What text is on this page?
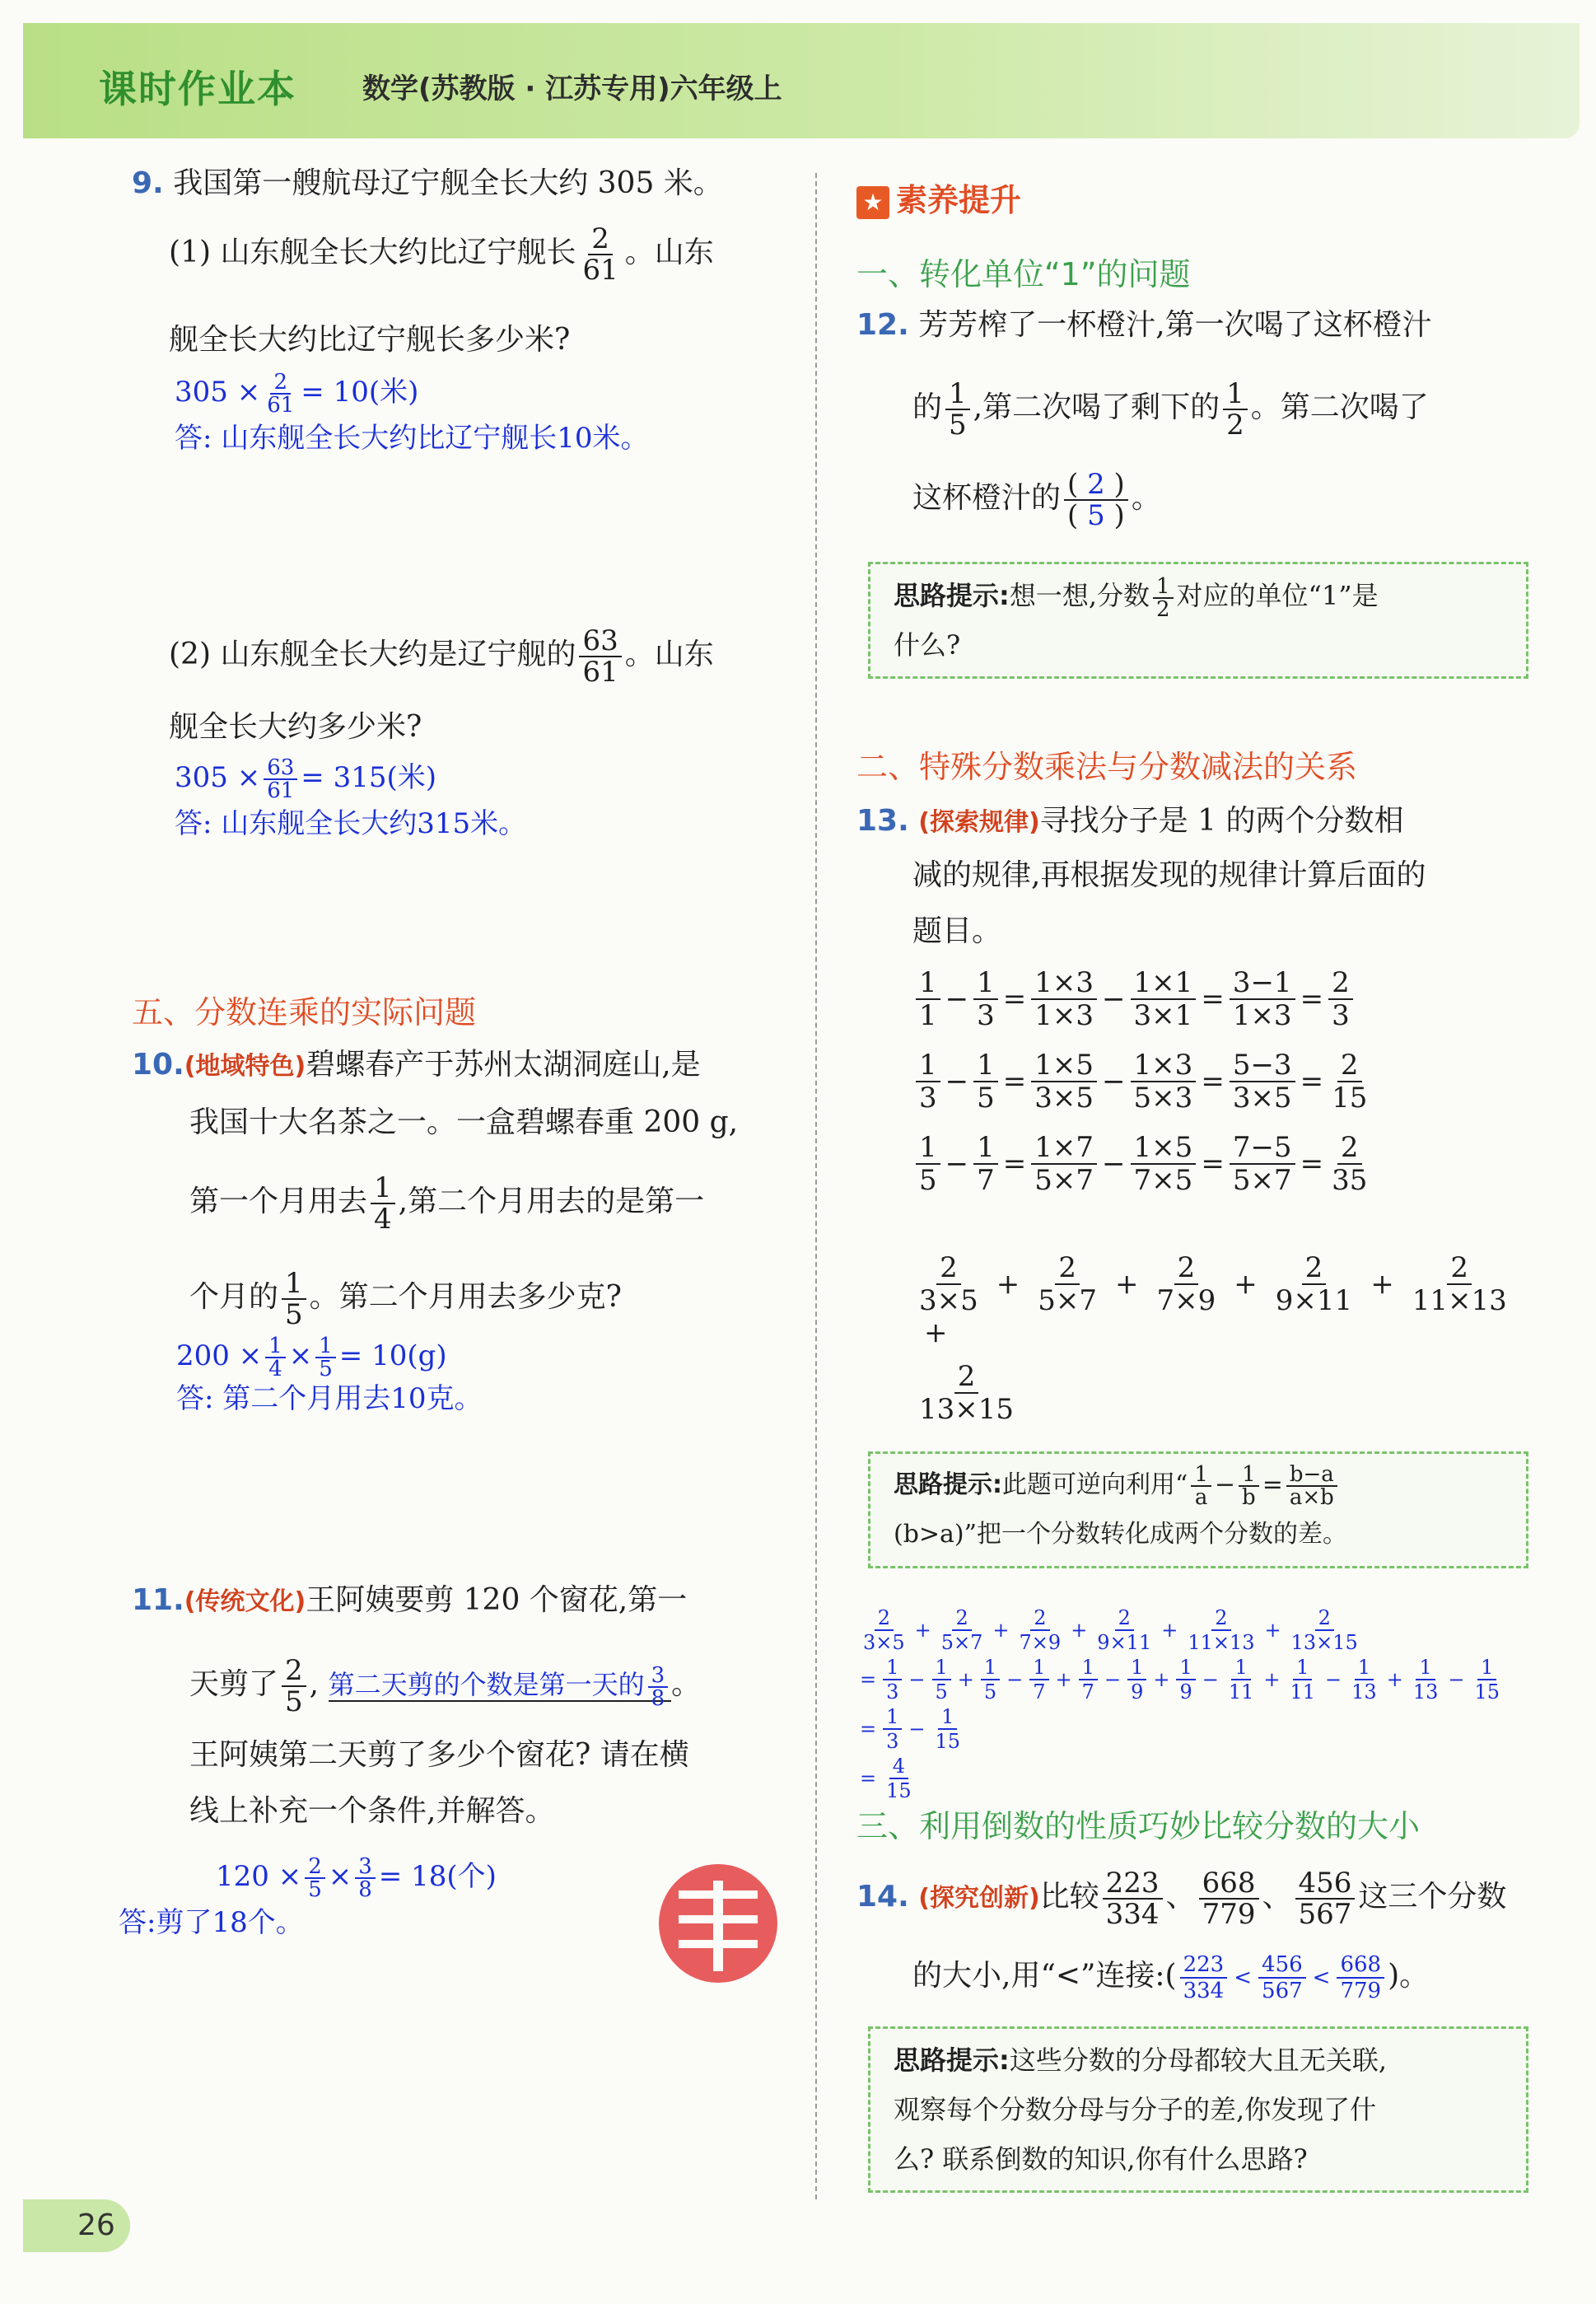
课时作业本 数学(苏教版 · 江苏专用)六年级上
9. 我国第一艘航母辽宁舰全长大约 305 米。
(1) 山东舰全长大约比辽宁舰长 $\frac{2}{61}$ 。山东
舰全长大约比辽宁舰长多少米?
$305 \times \frac{2}{61} = 10$(米)
答: 山东舰全长大约比辽宁舰长10米。
(2) 山东舰全长大约是辽宁舰的 $\frac{63}{61}$ 。山东
舰全长大约多少米?
$305 \times \frac{63}{61} = 315$(米)
答: 山东舰全长大约315米。
五、分数连乘的实际问题
10.(地域特色)碧螺春产于苏州太湖洞庭山,是
我国十大名茶之一。一盒碧螺春重 200 g,
第一个月用去 $\frac{1}{4}$ ,第二个月用去的是第一
个月的 $\frac{1}{5}$ 。第二个月用去多少克?
$200 \times \frac{1}{4} \times \frac{1}{5} = 10(g)$
答: 第二个月用去10克。
11.(传统文化)王阿姨要剪 120 个窗花,第一
天剪了 $\frac{2}{5}$ , 第二天剪的个数是第一天的 $\frac{3}{8}$ 。
王阿姨第二天剪了多少个窗花? 请在横
线上补充一个条件,并解答。
$120 \times \frac{2}{5} \times \frac{3}{8} = 18$(个)
答:剪了18个。
★ 素养提升
一、转化单位“1”的问题
12. 芳芳榨了一杯橙汁,第一次喝了这杯橙汁
的 $\frac{1}{5}$ ,第二次喝了剩下的 $\frac{1}{2}$ 。第二次喝了
这杯橙汁的 $\frac{( 2 )}{( 5 )}$ 。
思路提示:想一想,分数 $\frac{1}{2}$ 对应的单位“1”是
什么?
二、特殊分数乘法与分数减法的关系
13. (探索规律)寻找分子是 1 的两个分数相
减的规律,再根据发现的规律计算后面的
题目。
$\frac{1}{1} - \frac{1}{3} = \frac{1\times 3}{1\times 3} - \frac{1\times 1}{3\times 1} = \frac{3-1}{1\times 3} = \frac{2}{3}$
$\frac{1}{3} - \frac{1}{5} = \frac{1\times 5}{3\times 5} - \frac{1\times 3}{5\times 3} = \frac{5-3}{3\times 5} = \frac{2}{15}$
$\frac{1}{5} - \frac{1}{7} = \frac{1\times 7}{5\times 7} - \frac{1\times 5}{7\times 5} = \frac{7-5}{5\times 7} = \frac{2}{35}$
$\frac{2}{3\times 5} + \frac{2}{5\times 7} + \frac{2}{7\times 9} + \frac{2}{9\times 11} + \frac{2}{11\times 13}$
+
$\frac{2}{13\times 15}$
思路提示:此题可逆向利用“ $\frac{1}{a} - \frac{1}{b} = \frac{b-a}{a\times b}$

(b>a)”把一个分数转化成两个分数的差。
$\frac{2}{3\times 5} + \frac{2}{5\times 7} + \frac{2}{7\times 9} + \frac{2}{9\times 11} + \frac{2}{11\times 13} + \frac{2}{13\times 15}$
= $\frac{1}{3} - \frac{1}{5} + \frac{1}{5} - \frac{1}{7} + \frac{1}{7} - \frac{1}{9} + \frac{1}{9} - \frac{1}{11} + \frac{1}{11} - \frac{1}{13} + \frac{1}{13} - \frac{1}{15}$
= $\frac{1}{3} - \frac{1}{15}$
= $\frac{4}{15}$
三、利用倒数的性质巧妙比较分数的大小
14. (探究创新)比较 $\frac{223}{334}$ 、 $\frac{668}{779}$ 、 $\frac{456}{567}$ 这三个分数
的大小,用“<”连接:( $\frac{223}{334} < \frac{456}{567} < \frac{668}{779}$ )。
思路提示:这些分数的分母都较大且无关联,
观察每个分数分母与分子的差,你发现了什
么? 联系倒数的知识,你有什么思路?
26
